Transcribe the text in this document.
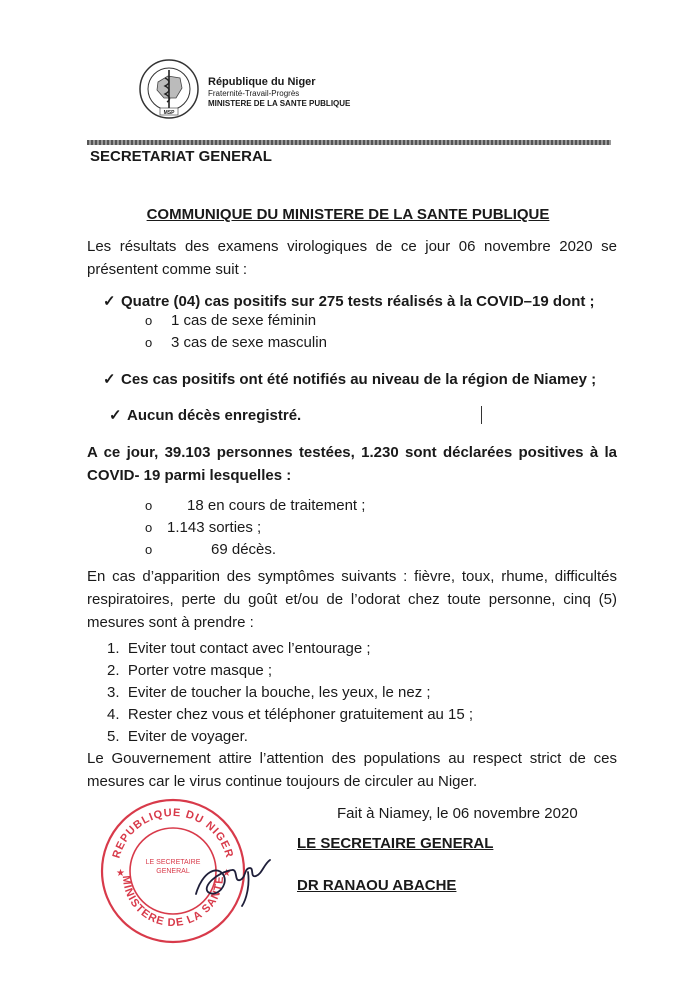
MSP
République du Niger
Fraternité-Travail-Progrès
MINISTERE DE LA SANTE PUBLIQUE
SECRETARIAT GENERAL
COMMUNIQUE DU MINISTERE DE LA SANTE PUBLIQUE
Les résultats des examens virologiques de ce jour 06 novembre 2020 se présentent comme suit :
✓ Quatre (04) cas positifs sur 275 tests réalisés à la COVID–19 dont ;
o 1 cas de sexe féminin
o 3 cas de sexe masculin
✓ Ces cas positifs ont été notifiés au niveau de la région de Niamey ;
✓ Aucun décès enregistré.
A ce jour, 39.103 personnes testées, 1.230 sont déclarées positives à la COVID- 19 parmi lesquelles :
o 18 en cours de traitement ;
o 1.143 sorties ;
o	69 décès.
En cas d’apparition des symptômes suivants : fièvre, toux, rhume, difficultés respiratoires, perte du goût et/ou de l’odorat chez toute personne, cinq (5) mesures sont à prendre :
1.  Eviter tout contact avec l’entourage ;
2.  Porter votre masque ;
3.  Eviter de toucher la bouche, les yeux, le nez ;
4.  Rester chez vous et téléphoner gratuitement au 15 ;
5.  Eviter de voyager.
Le Gouvernement attire l’attention des populations au respect strict de ces mesures car le virus continue toujours de circuler au Niger.
Fait à Niamey, le 06 novembre 2020
LE SECRETAIRE GENERAL
DR RANAOU ABACHE
REPUBLIQUE DU NIGER
MINISTERE DE LA SANTE
★	★
LE SECRETAIRE GENERAL
